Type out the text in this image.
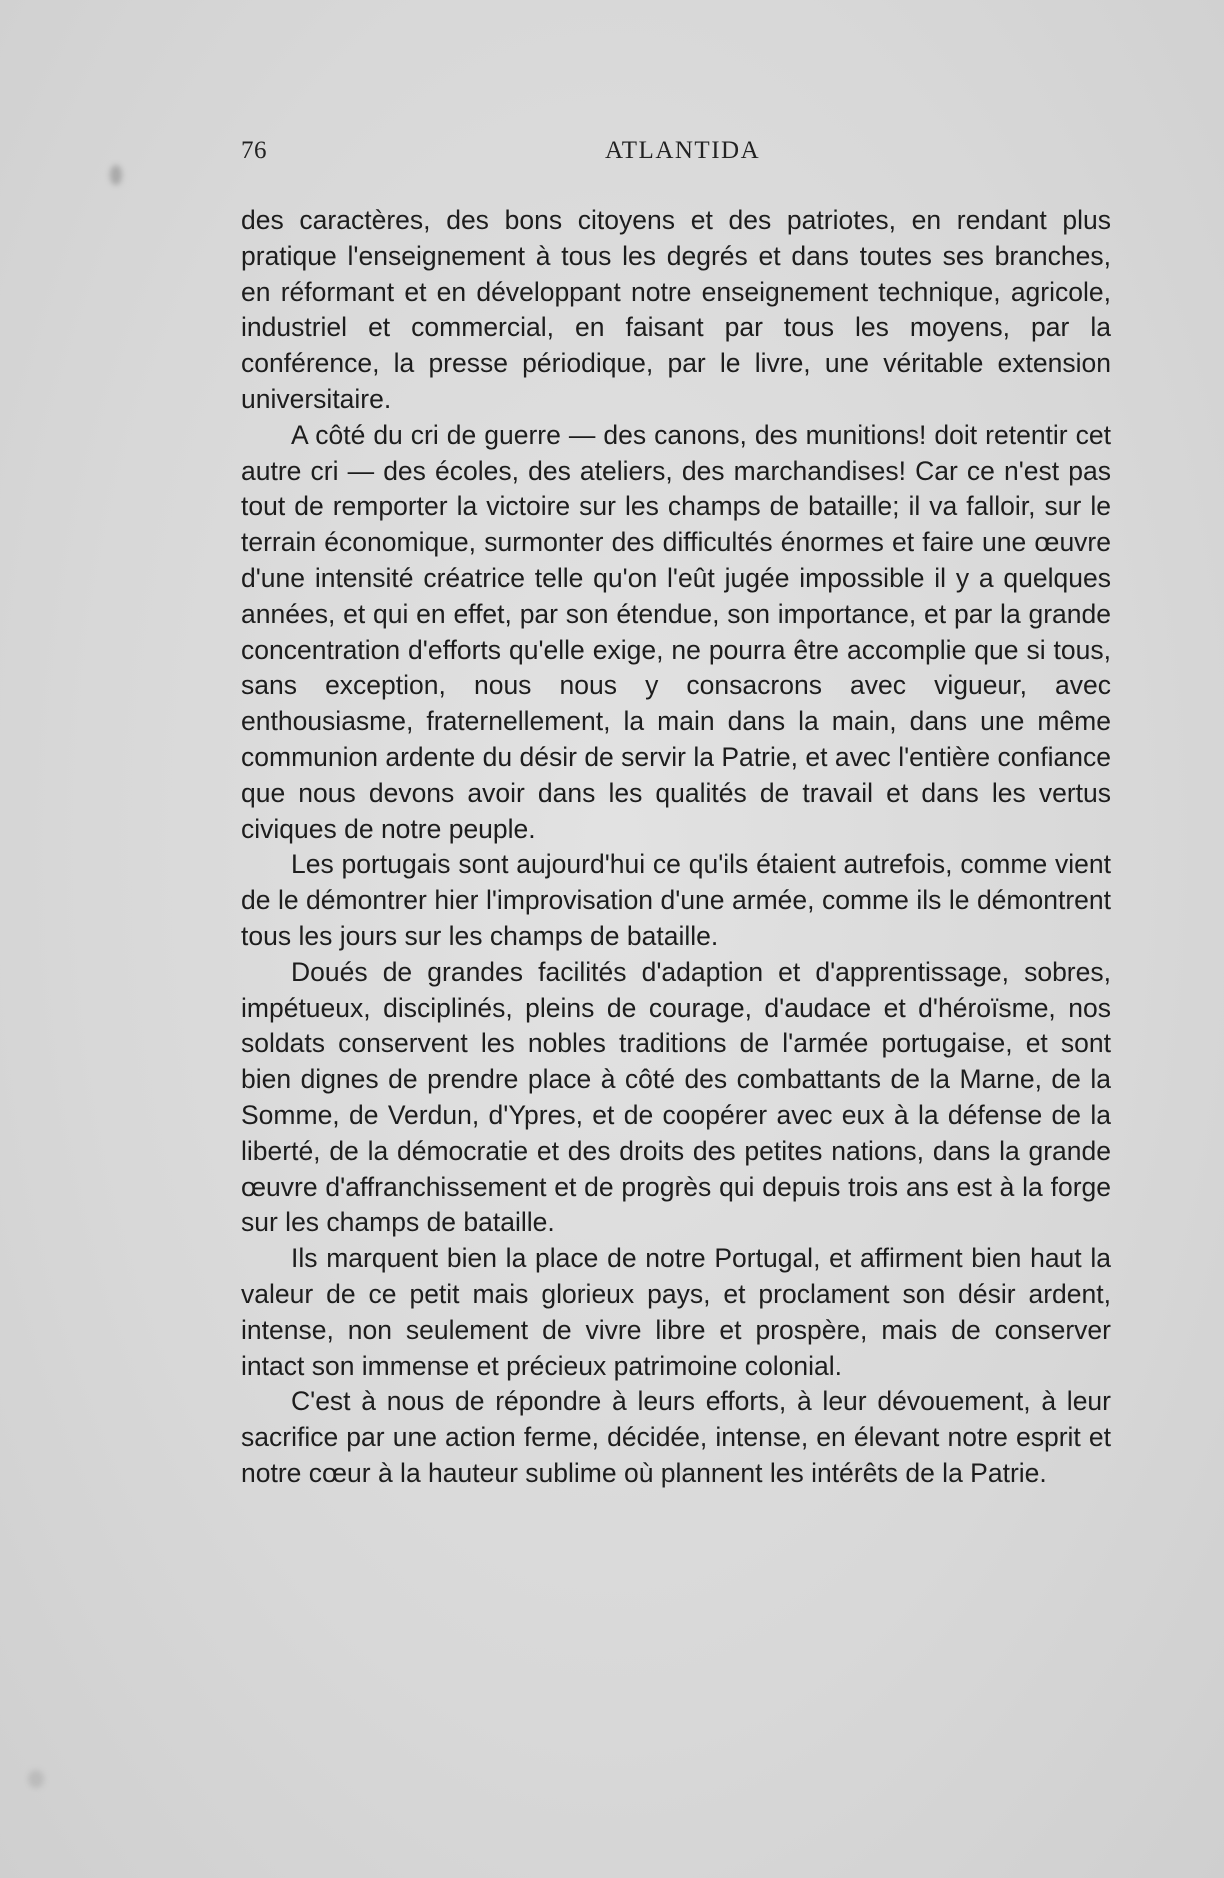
76	ATLANTIDA

des caractères, des bons citoyens et des patriotes, en rendant plus pratique l'enseignement à tous les degrés et dans toutes ses branches, en réformant et en développant notre enseignement technique, agricole, industriel et commercial, en faisant par tous les moyens, par la conférence, la presse périodique, par le livre, une véritable extension universitaire.

A côté du cri de guerre — des canons, des munitions! doit retentir cet autre cri — des écoles, des ateliers, des marchandises! Car ce n'est pas tout de remporter la victoire sur les champs de bataille; il va falloir, sur le terrain économique, surmonter des difficultés énormes et faire une œuvre d'une intensité créatrice telle qu'on l'eût jugée impossible il y a quelques années, et qui en effet, par son étendue, son importance, et par la grande concentration d'efforts qu'elle exige, ne pourra être accomplie que si tous, sans exception, nous nous y consacrons avec vigueur, avec enthousiasme, fraternellement, la main dans la main, dans une même communion ardente du désir de servir la Patrie, et avec l'entière confiance que nous devons avoir dans les qualités de travail et dans les vertus civiques de notre peuple.

Les portugais sont aujourd'hui ce qu'ils étaient autrefois, comme vient de le démontrer hier l'improvisation d'une armée, comme ils le démontrent tous les jours sur les champs de bataille.

Doués de grandes facilités d'adaption et d'apprentissage, sobres, impétueux, disciplinés, pleins de courage, d'audace et d'héroïsme, nos soldats conservent les nobles traditions de l'armée portugaise, et sont bien dignes de prendre place à côté des combattants de la Marne, de la Somme, de Verdun, d'Ypres, et de coopérer avec eux à la défense de la liberté, de la démocratie et des droits des petites nations, dans la grande œuvre d'affranchissement et de progrès qui depuis trois ans est à la forge sur les champs de bataille.

Ils marquent bien la place de notre Portugal, et affirment bien haut la valeur de ce petit mais glorieux pays, et proclament son désir ardent, intense, non seulement de vivre libre et prospère, mais de conserver intact son immense et précieux patrimoine colonial.

C'est à nous de répondre à leurs efforts, à leur dévouement, à leur sacrifice par une action ferme, décidée, intense, en élevant notre esprit et notre cœur à la hauteur sublime où plannent les intérêts de la Patrie.
